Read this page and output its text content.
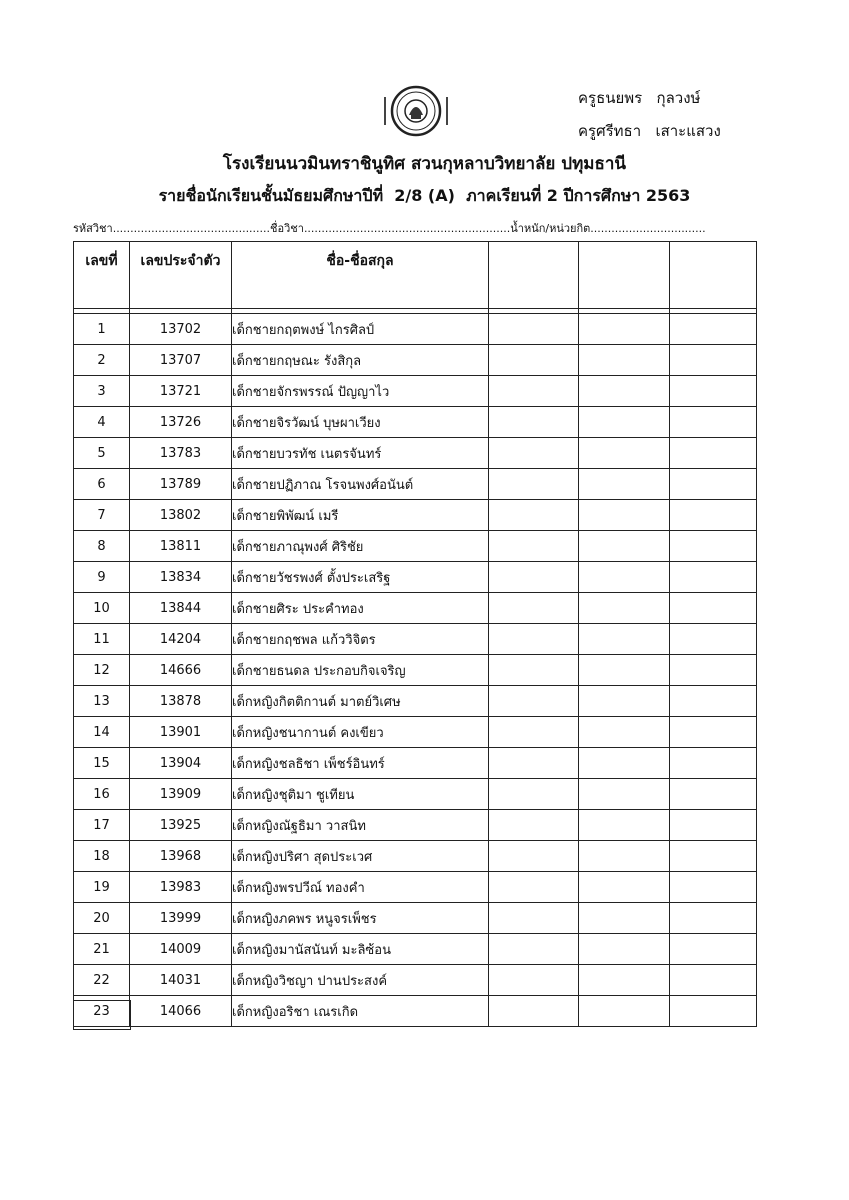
ครูธนยพร   กุลวงษ์
ครูศรีทธา   เสาะแสวง
โรงเรียนนวมินทราชินูทิศ สวนกุหลาบวิทยาลัย ปทุมธานี
รายชื่อนักเรียนชั้นมัธยมศึกษาปีที่  2/8 (A)  ภาคเรียนที่ 2 ปีการศึกษา 2563
รหัสวิชา.............................................ชื่อวิชา...........................................................น้ำหนัก/หน่วยกิต.................................
เลขที่	เลขประจำตัว	ชื่อ-ชื่อสกุล			

1	13702	เด็กชายกฤตพงษ์ ไกรศิลป์			
2	13707	เด็กชายกฤษณะ รังสิกุล			
3	13721	เด็กชายจักรพรรณ์ ปัญญาไว			
4	13726	เด็กชายจิรวัฒน์ บุษผาเวียง			
5	13783	เด็กชายบวรทัช เนตรจันทร์			
6	13789	เด็กชายปฏิภาณ โรจนพงศ์อนันต์			
7	13802	เด็กชายพิพัฒน์ เมรี			
8	13811	เด็กชายภาณุพงศ์ ศิริชัย			
9	13834	เด็กชายวัชรพงศ์ ตั้งประเสริฐ			
10	13844	เด็กชายศิระ ประคำทอง			
11	14204	เด็กชายกฤชพล แก้ววิจิตร			
12	14666	เด็กชายธนดล ประกอบกิจเจริญ			
13	13878	เด็กหญิงกิตติกานต์ มาตย์วิเศษ			
14	13901	เด็กหญิงชนากานต์ คงเขียว			
15	13904	เด็กหญิงชลธิชา เพ็ชร์อินทร์			
16	13909	เด็กหญิงชุติมา ชูเทียน			
17	13925	เด็กหญิงณัฐธิมา วาสนิท			
18	13968	เด็กหญิงปริศา สุดประเวศ			
19	13983	เด็กหญิงพรปวีณ์ ทองคำ			
20	13999	เด็กหญิงภคพร หนูจรเพ็ชร			
21	14009	เด็กหญิงมานัสนันท์ มะลิซ้อน			
22	14031	เด็กหญิงวิชญา ปานประสงค์			
23	14066	เด็กหญิงอริชา เณรเกิด			
